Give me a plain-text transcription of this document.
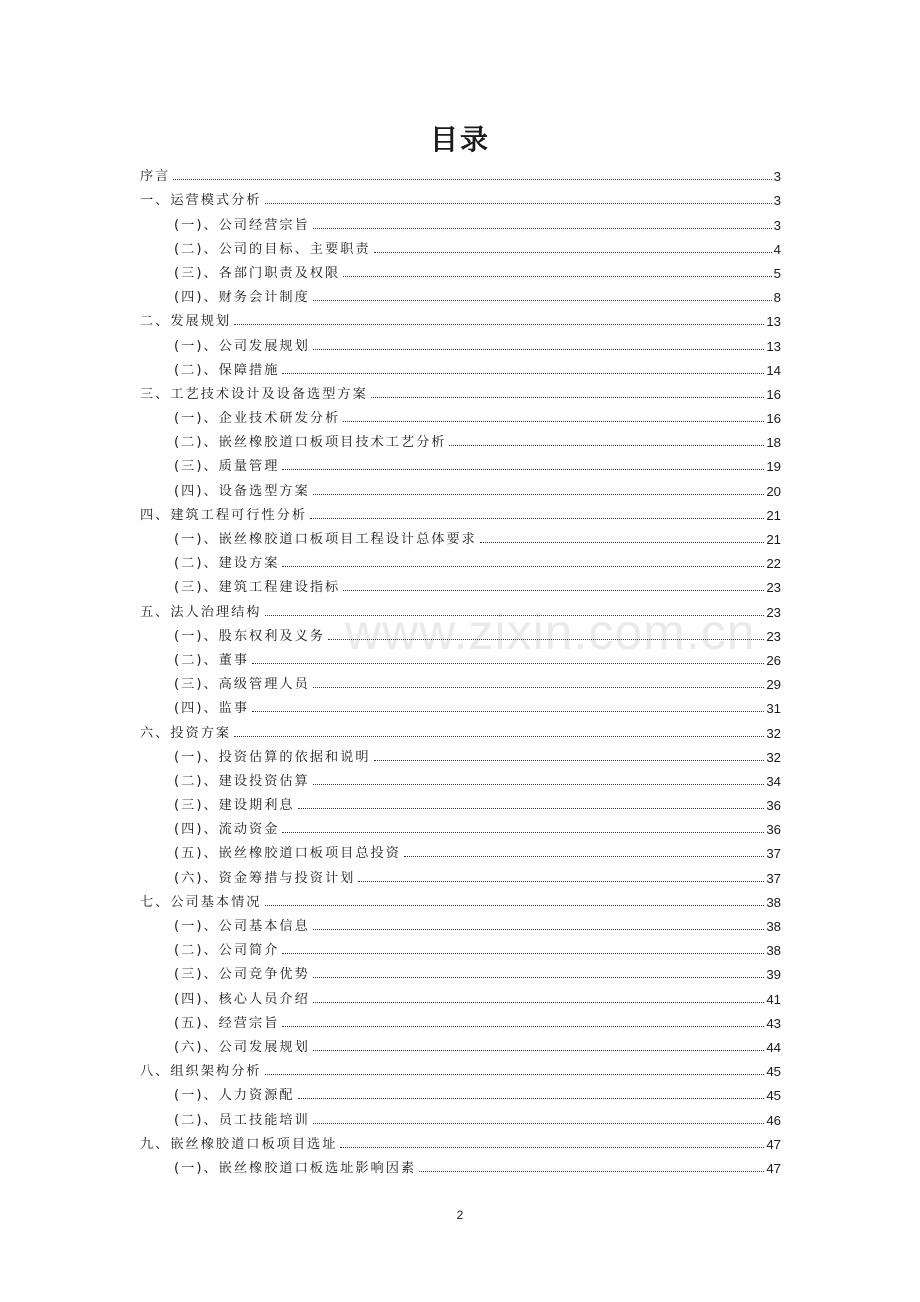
目录
www.zixin.com.cn
序言	3
一、运营模式分析	3
(一)、公司经营宗旨	3
(二)、公司的目标、主要职责	4
(三)、各部门职责及权限	5
(四)、财务会计制度	8
二、发展规划	13
(一)、公司发展规划	13
(二)、保障措施	14
三、工艺技术设计及设备选型方案	16
(一)、企业技术研发分析	16
(二)、嵌丝橡胶道口板项目技术工艺分析	18
(三)、质量管理	19
(四)、设备选型方案	20
四、建筑工程可行性分析	21
(一)、嵌丝橡胶道口板项目工程设计总体要求	21
(二)、建设方案	22
(三)、建筑工程建设指标	23
五、法人治理结构	23
(一)、股东权利及义务	23
(二)、董事	26
(三)、高级管理人员	29
(四)、监事	31
六、投资方案	32
(一)、投资估算的依据和说明	32
(二)、建设投资估算	34
(三)、建设期利息	36
(四)、流动资金	36
(五)、嵌丝橡胶道口板项目总投资	37
(六)、资金筹措与投资计划	37
七、公司基本情况	38
(一)、公司基本信息	38
(二)、公司简介	38
(三)、公司竞争优势	39
(四)、核心人员介绍	41
(五)、经营宗旨	43
(六)、公司发展规划	44
八、组织架构分析	45
(一)、人力资源配	45
(二)、员工技能培训	46
九、嵌丝橡胶道口板项目选址	47
(一)、嵌丝橡胶道口板选址影响因素	47
2
